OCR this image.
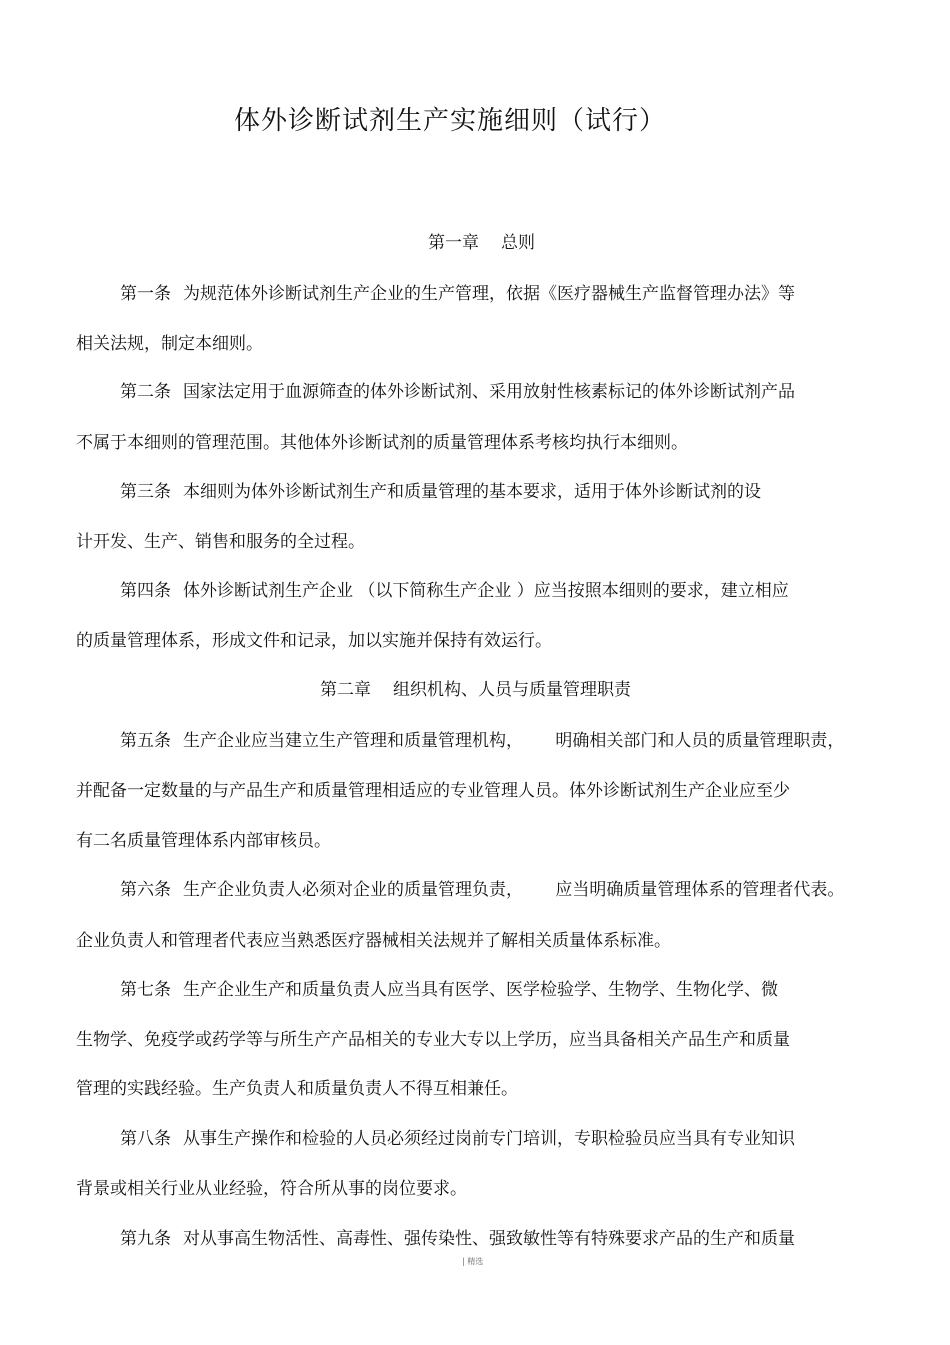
体外诊断试剂生产实施细则（试行）
第一章 总则
第一条 为规范体外诊断试剂生产企业的生产管理，依据《医疗器械生产监督管理办法》等
相关法规，制定本细则。
第二条 国家法定用于血源筛查的体外诊断试剂、采用放射性核素标记的体外诊断试剂产品
不属于本细则的管理范围。其他体外诊断试剂的质量管理体系考核均执行本细则。
第三条 本细则为体外诊断试剂生产和质量管理的基本要求，适用于体外诊断试剂的设
计开发、生产、销售和服务的全过程。
第四条 体外诊断试剂生产企业 （以下简称生产企业 ）应当按照本细则的要求，建立相应
的质量管理体系，形成文件和记录，加以实施并保持有效运行。
第二章 组织机构、人员与质量管理职责
第五条 生产企业应当建立生产管理和质量管理机构，      明确相关部门和人员的质量管理职责，
并配备一定数量的与产品生产和质量管理相适应的专业管理人员。体外诊断试剂生产企业应至少
有二名质量管理体系内部审核员。
第六条 生产企业负责人必须对企业的质量管理负责，      应当明确质量管理体系的管理者代表。
企业负责人和管理者代表应当熟悉医疗器械相关法规并了解相关质量体系标准。
第七条 生产企业生产和质量负责人应当具有医学、医学检验学、生物学、生物化学、微
生物学、免疫学或药学等与所生产产品相关的专业大专以上学历，应当具备相关产品生产和质量
管理的实践经验。生产负责人和质量负责人不得互相兼任。
第八条 从事生产操作和检验的人员必须经过岗前专门培训，专职检验员应当具有专业知识
背景或相关行业从业经验，符合所从事的岗位要求。
第九条 对从事高生物活性、高毒性、强传染性、强致敏性等有特殊要求产品的生产和质量
| 精选
